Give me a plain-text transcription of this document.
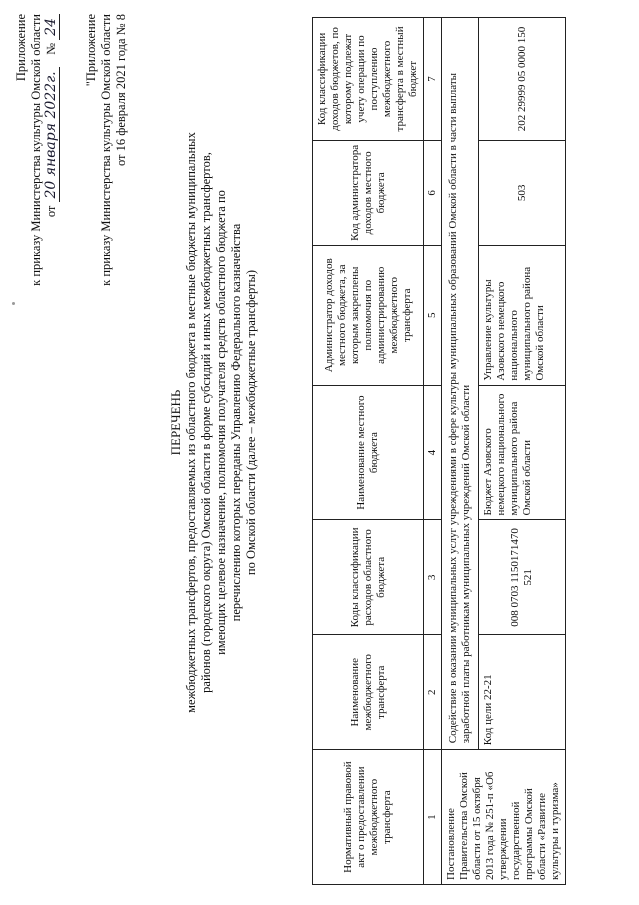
Приложение к приказу Министерства культуры Омской области от 20 января 2022г.    № 24 "Приложение к приказу Министерства культуры Омской области от 16 февраля 2021 года № 8
ПЕРЕЧЕНЬ межбюджетных трансфертов, предоставляемых из областного бюджета в местные бюджеты муниципальных районов (городского округа) Омской области в форме субсидий и иных межбюджетных трансфертов, имеющих целевое назначение, полномочия получателя средств областного бюджета по перечислению которых переданы Управлению Федерального казначейства по Омской области (далее – межбюджетные трансферты)
Нормативный правовой акт о предоставлении межбюджетного трансферта	Наименование межбюджетного трансферта	Коды классификации расходов областного бюджета	Наименование местного бюджета	Администратор доходов местного бюджета, за которым закреплены полномочия по администрированию межбюджетного трансферта	Код администратора доходов местного бюджета	Код классификации доходов бюджетов, по которому подлежат учету операции по поступлению межбюджетного трансферта в местный бюджет
1	2	3	4	5	6	7
Постановление Правительства Омской области от 15 октября 2013 года № 251-п «Об утверждении государственной программы Омской области «Развитие культуры и туризма»	Содействие в оказании муниципальных услуг учреждениями в сфере культуры муниципальных образований Омской области в части выплаты заработной платы работникам муниципальных учреждений Омской области					
	Код цели 22-21	008 0703 1150171470 521	Бюджет Азовского немецкого национального муниципального района Омской области	Управление культуры Азовского немецкого национального муниципального района Омской области	503	202 29999 05 0000 150
